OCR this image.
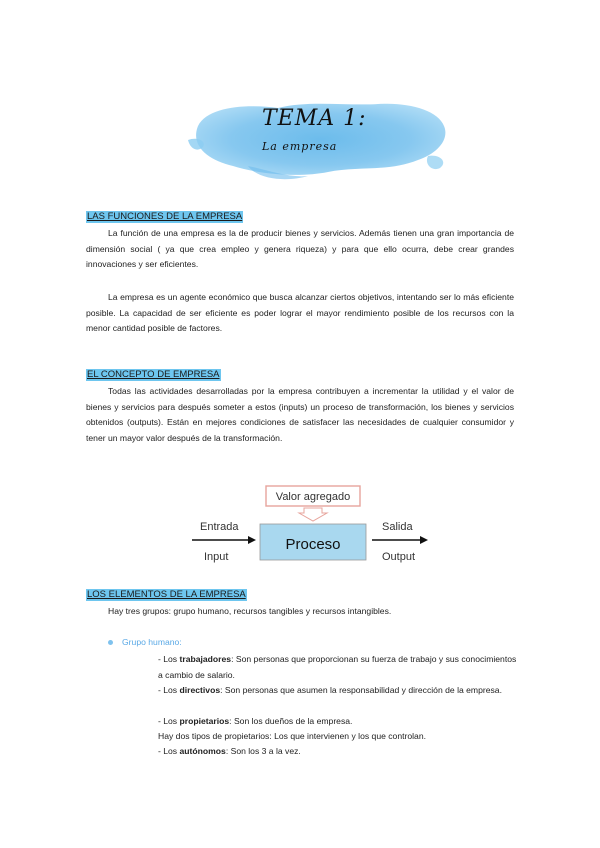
TEMA 1:
La empresa
LAS FUNCIONES DE LA EMPRESA

La función de una empresa es la de producir bienes y servicios. Además tienen una gran importancia de dimensión social ( ya que crea empleo y genera riqueza) y para que ello ocurra, debe crear grandes innovaciones y ser eficientes.

La empresa es un agente económico que busca alcanzar ciertos objetivos, intentando ser lo más eficiente posible. La capacidad de ser eficiente es poder lograr el mayor rendimiento posible de los recursos con la menor cantidad posible de factores.

EL CONCEPTO DE EMPRESA

Todas las actividades desarrolladas por la empresa contribuyen a incrementar la utilidad y el valor de bienes y servicios para después someter a estos (inputs) un proceso de transformación, los bienes y servicios obtenidos (outputs). Están en mejores condiciones de satisfacer las necesidades de cualquier consumidor y tener un mayor valor después de la transformación.

Valor agregado
Proceso
Entrada
Input
Salida
Output
LOS ELEMENTOS DE LA EMPRESA

Hay tres grupos: grupo humano, recursos tangibles y recursos intangibles.

Grupo humano:

- Los trabajadores: Son personas que proporcionan su fuerza de trabajo y sus conocimientos a cambio de salario.

- Los directivos: Son personas que asumen la responsabilidad y dirección de la empresa.

- Los propietarios: Son los dueños de la empresa.

Hay dos tipos de propietarios: Los que intervienen y los que controlan.

- Los autónomos: Son los 3 a la vez.
